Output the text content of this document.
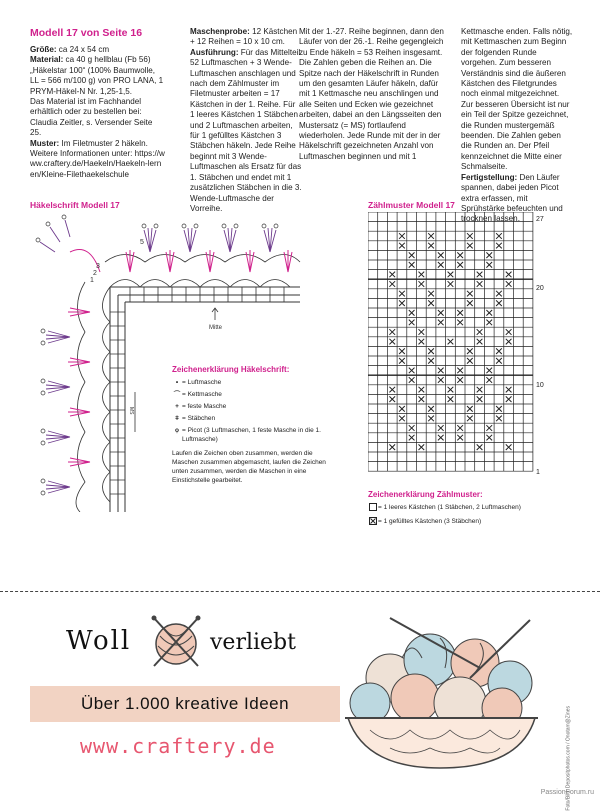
Modell 17 von Seite 16

Größe: ca 24 x 54 cm

Material: ca 40 g hellblau (Fb 56) „Häkelstar 100“ (100% Baumwolle, LL = 566 m/100 g) von PRO LANA, 1 PRYM-Häkel-N Nr. 1,25-1,5.

Das Material ist im Fachhandel erhältlich oder zu bestellen bei: Claudia Zeitler, s. Versender Seite 25.

Muster: Im Filetmuster 2 häkeln.

Weitere Informationen unter: https://www.craftery.de/Haekeln/Haekeln-lernen/Kleine-Filethaekelschule

Maschenprobe: 12 Kästchen + 12 Reihen = 10 x 10 cm.

Ausführung: Für das Mittelteil 52 Luftmaschen + 3 Wende-Luftmaschen anschlagen und nach dem Zählmuster im Filetmuster arbeiten = 17 Kästchen in der 1. Reihe. Für 1 leeres Kästchen 1 Stäbchen und 2 Luftmaschen arbeiten, für 1 gefülltes Kästchen 3 Stäbchen häkeln. Jede Reihe beginnt mit 3 Wende-Luftmaschen als Ersatz für das 1. Stäbchen und endet mit 1 zusätzlichen Stäbchen in die 3. Wende-Luftmasche der Vorreihe.

Mit der 1.-27. Reihe beginnen, dann den Läufer von der 26.-1. Reihe gegengleich zu Ende häkeln = 53 Reihen insgesamt. Die Zahlen geben die Reihen an. Die Spitze nach der Häkelschrift in Runden um den gesamten Läufer häkeln, dafür mit 1 Kettmasche neu anschlingen und alle Seiten und Ecken wie gezeichnet arbeiten, dabei an den Längsseiten den Mustersatz (= MS) fortlaufend wiederholen. Jede Runde mit der in der Häkelschrift gezeichneten Anzahl von Luftmaschen beginnen und mit 1

Kettmasche enden. Falls nötig, mit Kettmaschen zum Beginn der folgenden Runde vorgehen. Zum besseren Verständnis sind die äußeren Kästchen des Filetgrundes noch einmal mitgezeichnet. Zur besseren Übersicht ist nur ein Teil der Spitze gezeichnet, die Runden mustergemäß beenden. Die Zahlen geben die Runden an. Der Pfeil kennzeichnet die Mitte einer Schmalseite.

Fertigstellung: Den Läufer spannen, dabei jeden Picot extra erfassen, mit Sprühstärke befeuchten und trocknen lassen.

Häkelschrift Modell 17
1
2
3
5
Mitte
MS
Zeichenerklärung Häkelschrift:
• = Luftmasche
⌒ = Kettmasche
+ = feste Masche
ǂ = Stäbchen
ọ = Picot (3 Luftmaschen, 1 feste Masche in die 1. Luftmasche)
Laufen die Zeichen oben zusammen, werden die Maschen zusammen abgemascht, laufen die Zeichen unten zusammen, werden die Maschen in eine Einstichstelle gearbeitet.
Zählmuster Modell 17
27
20
10
1
Zeichenerklärung Zählmuster:
= 1 leeres Kästchen (1 Stäbchen, 2 Luftmaschen)
= 1 gefülltes Kästchen (3 Stäbchen)
Woll	verliebt
Über 1.000 kreative Ideen
www.craftery.de	Foto/Bild: Depositphotos.com / Onotam@Zines
PassionForum.ru
